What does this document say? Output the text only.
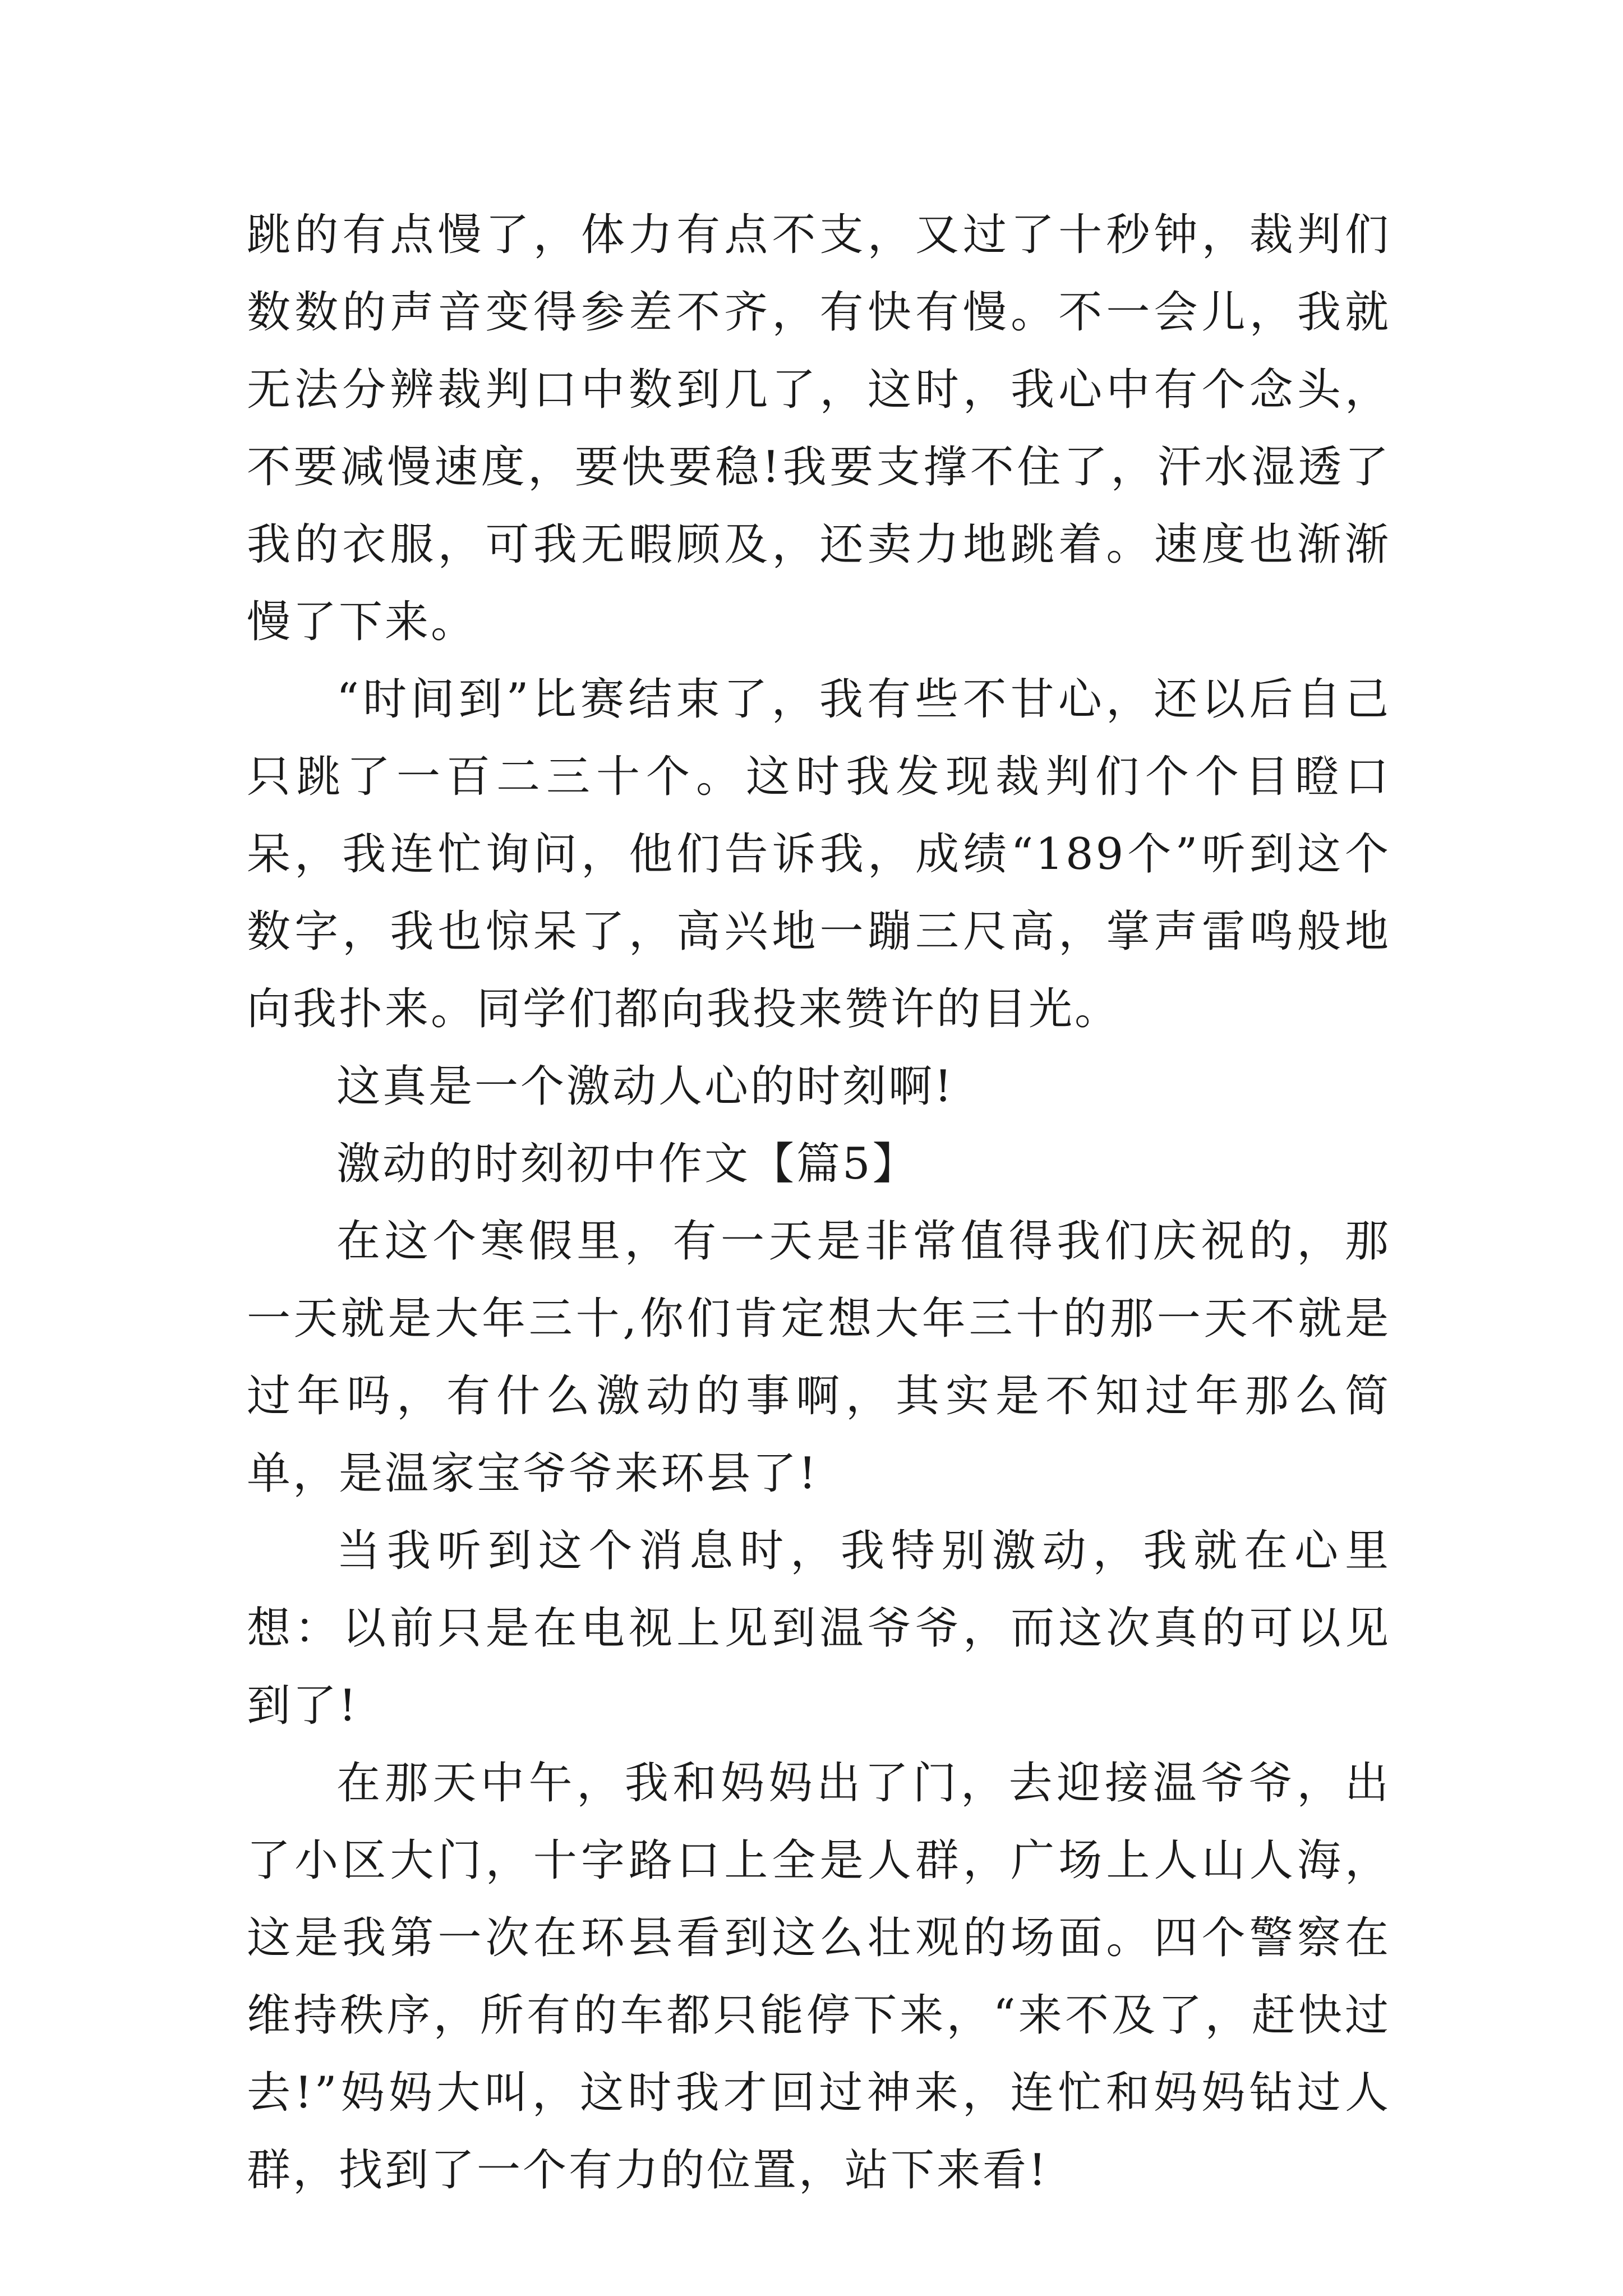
跳的有点慢了，体力有点不支，又过了十秒钟，裁判们数数的声音变得参差不齐，有快有慢。不一会儿，我就无法分辨裁判口中数到几了，这时，我心中有个念头，不要减慢速度，要快要稳!我要支撑不住了，汗水湿透了我的衣服，可我无暇顾及，还卖力地跳着。速度也渐渐慢了下来。

“时间到”比赛结束了，我有些不甘心，还以后自己只跳了一百二三十个。这时我发现裁判们个个目瞪口呆，我连忙询问，他们告诉我，成绩“189个”听到这个数字，我也惊呆了，高兴地一蹦三尺高，掌声雷鸣般地向我扑来。同学们都向我投来赞许的目光。

这真是一个激动人心的时刻啊!

激动的时刻初中作文【篇5】

在这个寒假里，有一天是非常值得我们庆祝的，那一天就是大年三十,你们肯定想大年三十的那一天不就是过年吗，有什么激动的事啊，其实是不知过年那么简单，是温家宝爷爷来环县了!

当我听到这个消息时，我特别激动，我就在心里想：以前只是在电视上见到温爷爷，而这次真的可以见到了!

在那天中午，我和妈妈出了门，去迎接温爷爷，出了小区大门，十字路口上全是人群，广场上人山人海，这是我第一次在环县看到这么壮观的场面。四个警察在维持秩序，所有的车都只能停下来，“来不及了，赶快过去!”妈妈大叫，这时我才回过神来，连忙和妈妈钻过人群，找到了一个有力的位置，站下来看!
